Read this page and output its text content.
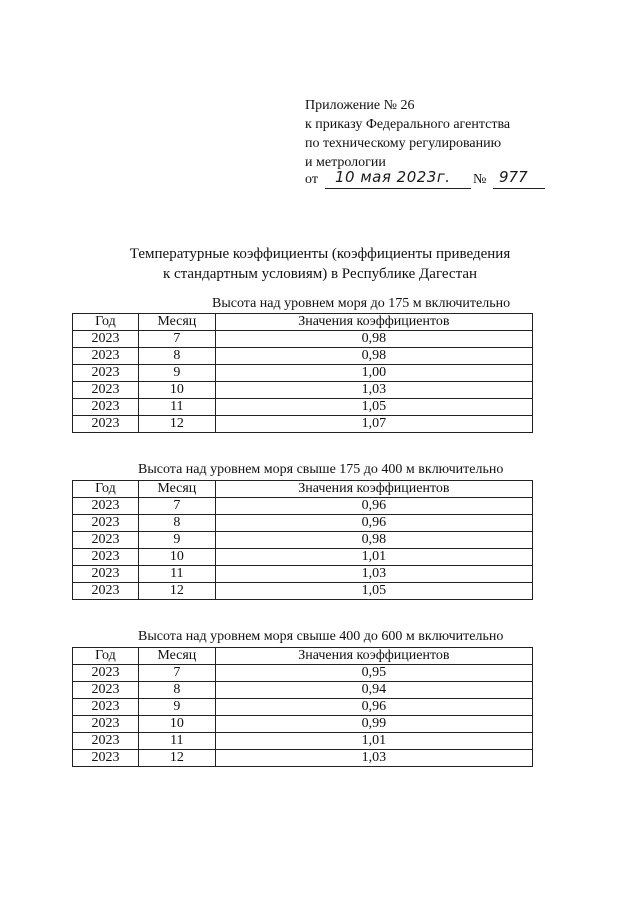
Приложение № 26
к приказу Федерального агентства
по техническому регулированию
и метрологии
от 10 мая 2023г. № 977
Температурные коэффициенты (коэффициенты приведения
к стандартным условиям) в Республике Дагестан
Высота над уровнем моря до 175 м включительно
Год	Месяц	Значения коэффициентов
2023	7	0,98
2023	8	0,98
2023	9	1,00
2023	10	1,03
2023	11	1,05
2023	12	1,07
Высота над уровнем моря свыше 175 до 400 м включительно
Год	Месяц	Значения коэффициентов
2023	7	0,96
2023	8	0,96
2023	9	0,98
2023	10	1,01
2023	11	1,03
2023	12	1,05
Высота над уровнем моря свыше 400 до 600 м включительно
Год	Месяц	Значения коэффициентов
2023	7	0,95
2023	8	0,94
2023	9	0,96
2023	10	0,99
2023	11	1,01
2023	12	1,03
